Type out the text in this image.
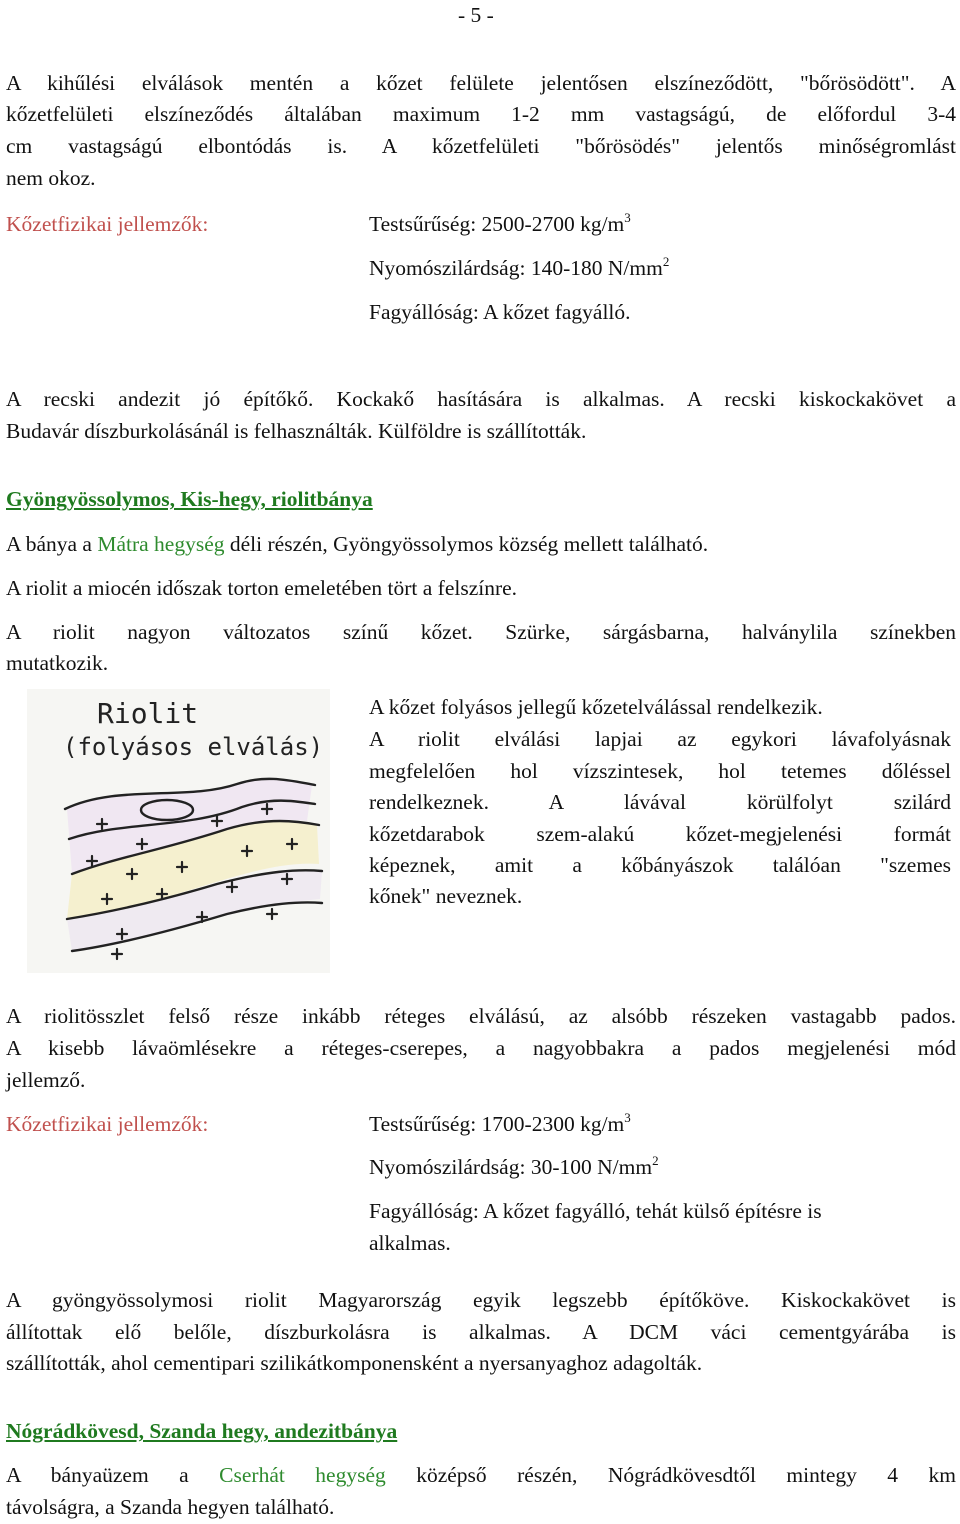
- 5 -
A kihűlési elválások mentén a kőzet felülete jelentősen elszíneződött, "bőrösödött". A
kőzetfelületi elszíneződés általában maximum 1-2 mm vastagságú, de előfordul 3-4
cm vastagságú elbontódás is. A kőzetfelületi "bőrösödés" jelentős minőségromlást
nem okoz.
Kőzetfizikai jellemzők:	Testsűrűség: 2500-2700 $kg/m^3$
Nyomószilárdság: 140-180 $N/mm^2$
Fagyállóság: A kőzet fagyálló.
A recski andezit jó építőkő. Kockakő hasítására is alkalmas. A recski kiskockakövet a
Budavár díszburkolásánál is felhasználták. Külföldre is szállították.
Gyöngyössolymos, Kis-hegy, riolitbánya
A bánya a Mátra hegység déli részén, Gyöngyössolymos község mellett található.
A riolit a miocén időszak torton emeletében tört a felszínre.
A riolit nagyon változatos színű kőzet. Szürke, sárgásbarna, halványlila színekben
mutatkozik.
Riolit
(folyásos elválás)
A kőzet folyásos jellegű kőzetelválással rendelkezik.
A riolit elválási lapjai az egykori lávafolyásnak
megfelelően hol vízszintesek, hol tetemes dőléssel
rendelkeznek. A lávával körülfolyt szilárd
kőzetdarabok szem-alakú kőzet-megjelenési formát
képeznek, amit a kőbányászok találóan "szemes
kőnek" neveznek.
A riolitösszlet felső része inkább réteges elválású, az alsóbb részeken vastagabb pados.
A kisebb lávaömlésekre a réteges-cserepes, a nagyobbakra a pados megjelenési mód
jellemző.
Kőzetfizikai jellemzők:	Testsűrűség: 1700-2300 $kg/m^3$
Nyomószilárdság: 30-100 $N/mm^2$
Fagyállóság: A kőzet fagyálló, tehát külső építésre is
alkalmas.
A gyöngyössolymosi riolit Magyarország egyik legszebb építőköve. Kiskockakövet is
állítottak elő belőle, díszburkolásra is alkalmas. A DCM váci cementgyárába is
szállították, ahol cementipari szilikátkomponensként a nyersanyaghoz adagolták.
Nógrádkövesd, Szanda hegy, andezitbánya
A bányaüzem a Cserhát hegység középső részén, Nógrádkövesdtől mintegy 4 km
távolságra, a Szanda hegyen található.
